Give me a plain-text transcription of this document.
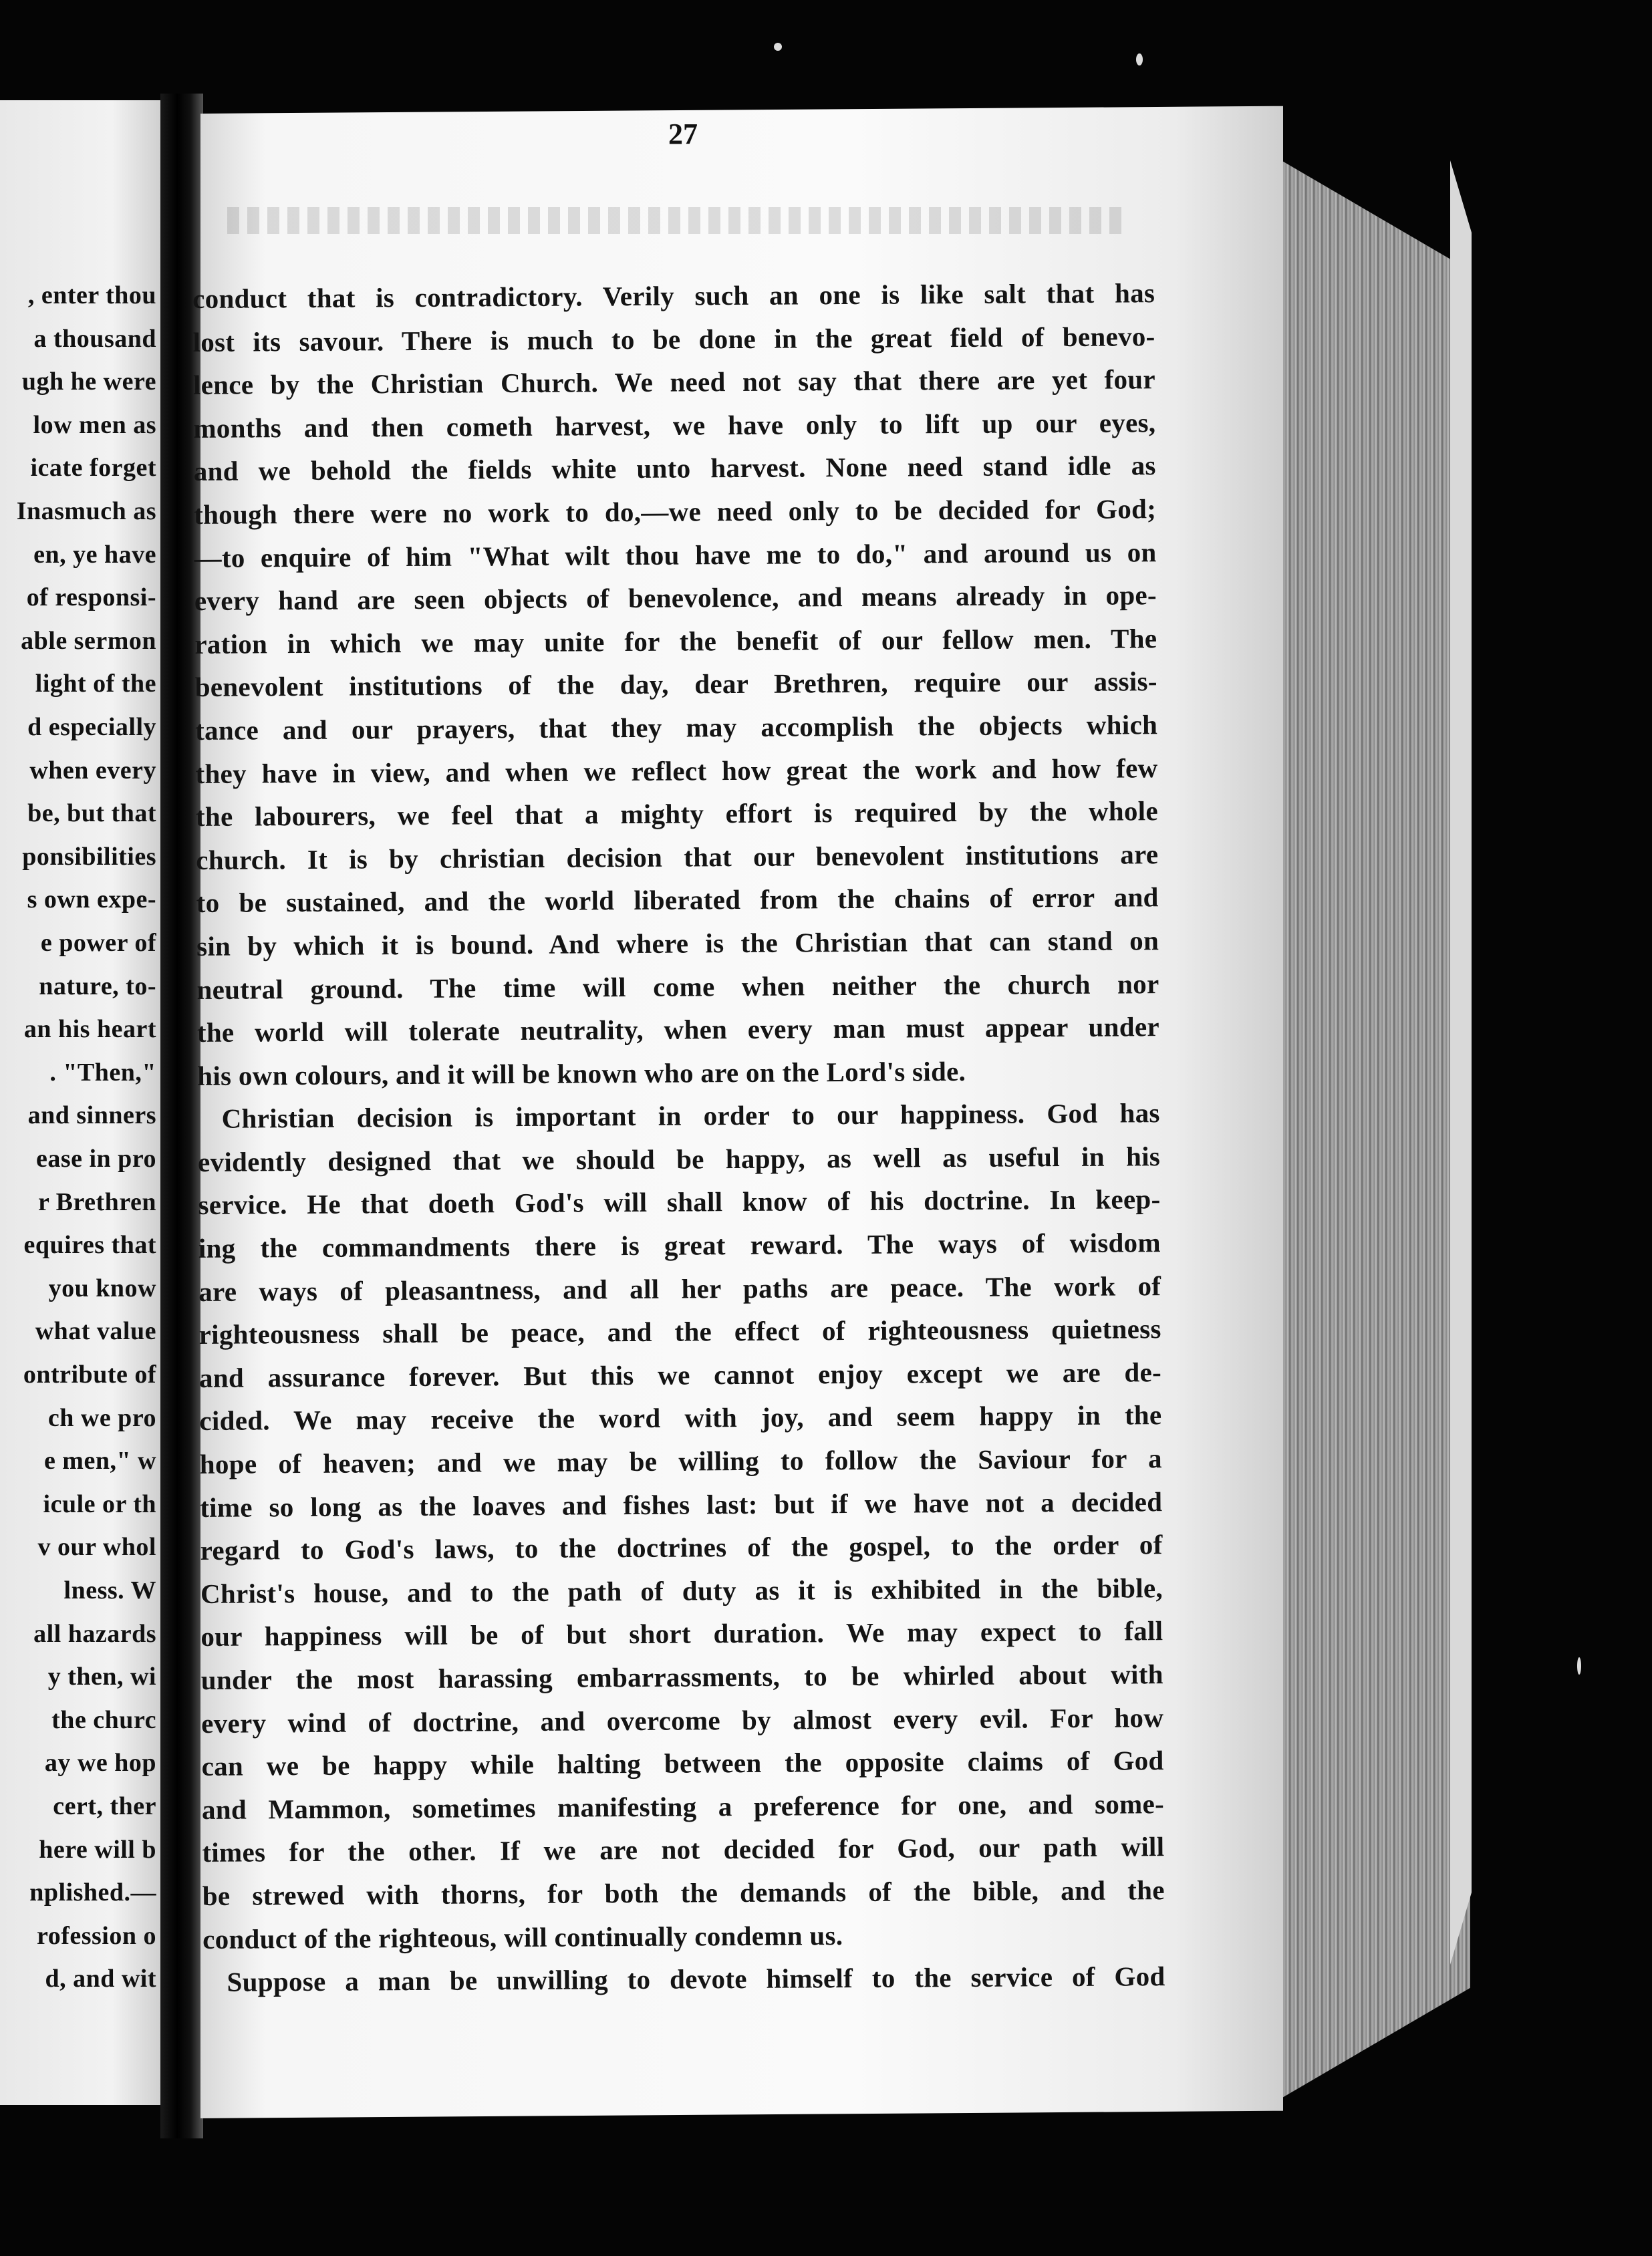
, enter thou
a thousand
ugh he were
low men as
icate forget
Inasmuch as
en, ye have
of responsi-
able sermon
light of the
d especially
when every
be, but that
ponsibilities
s own expe-
e power of
nature, to-
an his heart
. "Then,"
and sinners
ease in pro
r Brethren
equires that
you know
what value
ontribute of
ch we pro
e men," w
icule or th
v our whol
lness. W
all hazards
y then, wi
the churc
ay we hop
cert, ther
here will b
nplished.—
rofession o
d, and wit
27
conduct that is contradictory. Verily such an one is like salt that has
lost its savour. There is much to be done in the great field of benevo-
lence by the Christian Church. We need not say that there are yet four
months and then cometh harvest, we have only to lift up our eyes,
and we behold the fields white unto harvest. None need stand idle as
though there were no work to do,—we need only to be decided for God;
—to enquire of him "What wilt thou have me to do," and around us on
every hand are seen objects of benevolence, and means already in ope-
ration in which we may unite for the benefit of our fellow men. The
benevolent institutions of the day, dear Brethren, require our assis-
tance and our prayers, that they may accomplish the objects which
they have in view, and when we reflect how great the work and how few
the labourers, we feel that a mighty effort is required by the whole
church. It is by christian decision that our benevolent institutions are
to be sustained, and the world liberated from the chains of error and
sin by which it is bound. And where is the Christian that can stand on
neutral ground. The time will come when neither the church nor
the world will tolerate neutrality, when every man must appear under
his own colours, and it will be known who are on the Lord's side.
Christian decision is important in order to our happiness. God has
evidently designed that we should be happy, as well as useful in his
service. He that doeth God's will shall know of his doctrine. In keep-
ing the commandments there is great reward. The ways of wisdom
are ways of pleasantness, and all her paths are peace. The work of
righteousness shall be peace, and the effect of righteousness quietness
and assurance forever. But this we cannot enjoy except we are de-
cided. We may receive the word with joy, and seem happy in the
hope of heaven; and we may be willing to follow the Saviour for a
time so long as the loaves and fishes last: but if we have not a decided
regard to God's laws, to the doctrines of the gospel, to the order of
Christ's house, and to the path of duty as it is exhibited in the bible,
our happiness will be of but short duration. We may expect to fall
under the most harassing embarrassments, to be whirled about with
every wind of doctrine, and overcome by almost every evil. For how
can we be happy while halting between the opposite claims of God
and Mammon, sometimes manifesting a preference for one, and some-
times for the other. If we are not decided for God, our path will
be strewed with thorns, for both the demands of the bible, and the
conduct of the righteous, will continually condemn us.
Suppose a man be unwilling to devote himself to the service of God
